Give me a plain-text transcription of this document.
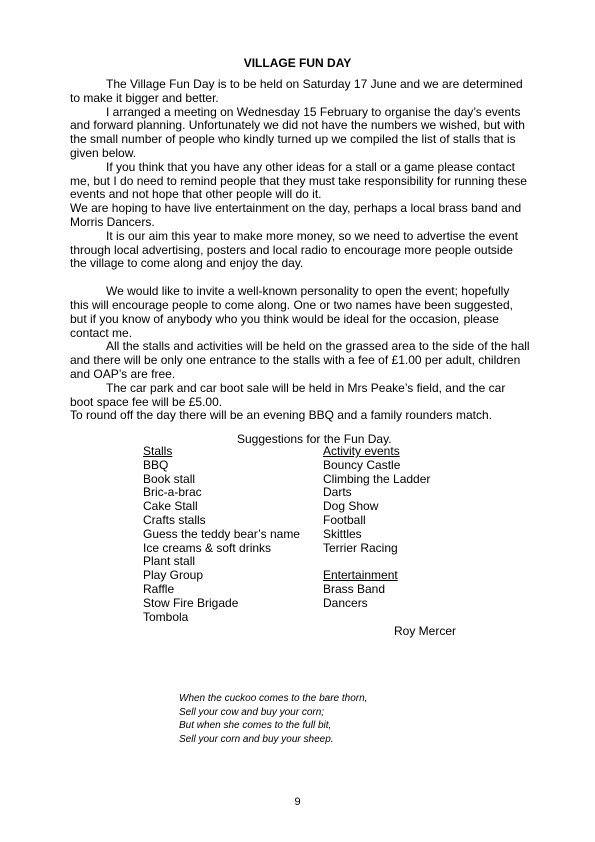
VILLAGE FUN DAY

The Village Fun Day is to be held on Saturday 17 June and we are determined to make it bigger and better.

I arranged a meeting on Wednesday 15 February to organise the day’s events and forward planning. Unfortunately we did not have the numbers we wished, but with the small number of people who kindly turned up we compiled the list of stalls that is given below.

If you think that you have any other ideas for a stall or a game please contact me, but I do need to remind people that they must take responsibility for running these events and not hope that other people will do it.

We are hoping to have live entertainment on the day, perhaps a local brass band and Morris Dancers.

It is our aim this year to make more money, so we need to advertise the event through local advertising, posters and local radio to encourage more people outside the village to come along and enjoy the day.

We would like to invite a well-known personality to open the event; hopefully this will encourage people to come along. One or two names have been suggested, but if you know of anybody who you think would be ideal for the occasion, please contact me.

All the stalls and activities will be held on the grassed area to the side of the hall and there will be only one entrance to the stalls with a fee of £1.00 per adult, children and OAP’s are free.

The car park and car boot sale will be held in Mrs Peake’s field, and the car boot space fee will be £5.00.

To round off the day there will be an evening BBQ and a family rounders match.

Suggestions for the Fun Day.
Stalls
BBQ
Book stall
Bric-a-brac
Cake Stall
Crafts stalls
Guess the teddy bear’s name
Ice creams & soft drinks
Plant stall
Play Group
Raffle
Stow Fire Brigade
Tombola
Activity events
Bouncy Castle
Climbing the Ladder
Darts
Dog Show
Football
Skittles
Terrier Racing
Entertainment
Brass Band
Dancers
Roy Mercer
When the cuckoo comes to the bare thorn,
Sell your cow and buy your corn;
But when she comes to the full bit,
Sell your corn and buy your sheep.
9
